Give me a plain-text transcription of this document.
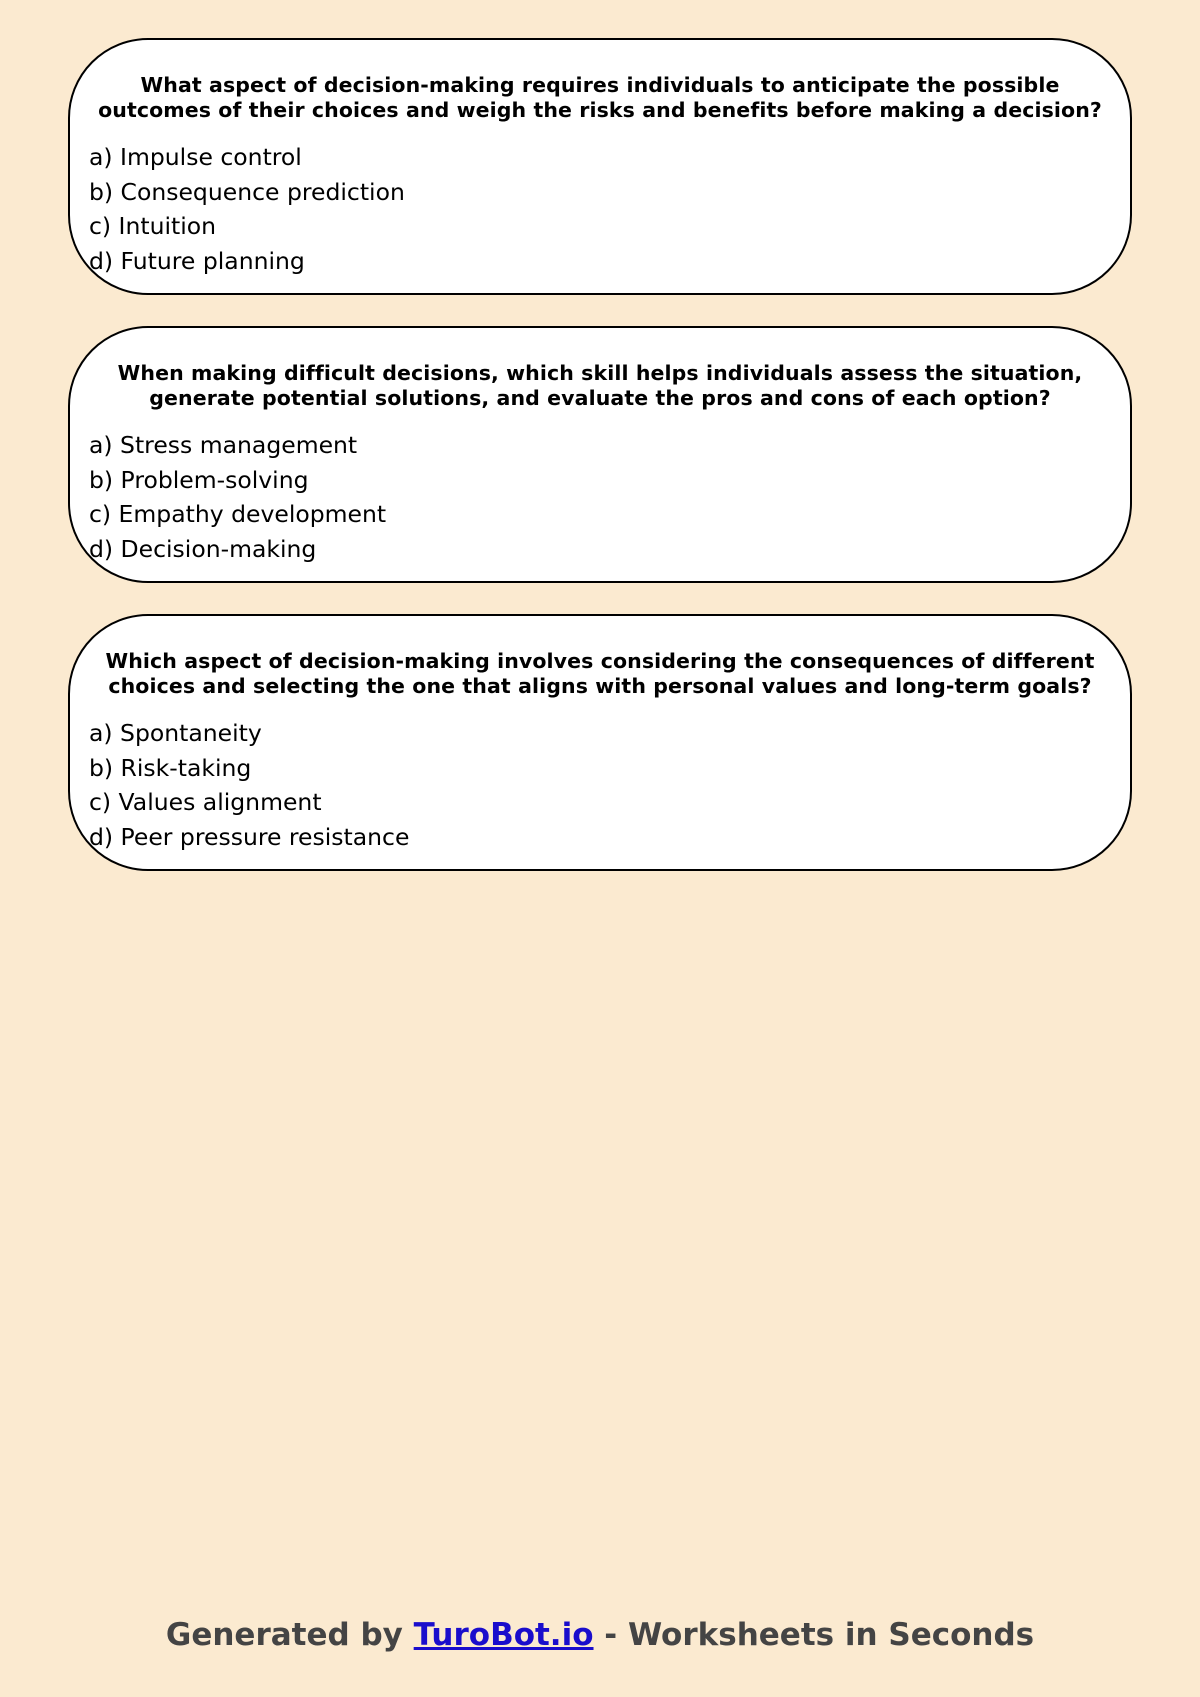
What aspect of decision-making requires individuals to anticipate the possible outcomes of their choices and weigh the risks and benefits before making a decision?
a) Impulse control
b) Consequence prediction
c) Intuition
d) Future planning
When making difficult decisions, which skill helps individuals assess the situation, generate potential solutions, and evaluate the pros and cons of each option?
a) Stress management
b) Problem-solving
c) Empathy development
d) Decision-making
Which aspect of decision-making involves considering the consequences of different choices and selecting the one that aligns with personal values and long-term goals?
a) Spontaneity
b) Risk-taking
c) Values alignment
d) Peer pressure resistance
Generated by TuroBot.io - Worksheets in Seconds
